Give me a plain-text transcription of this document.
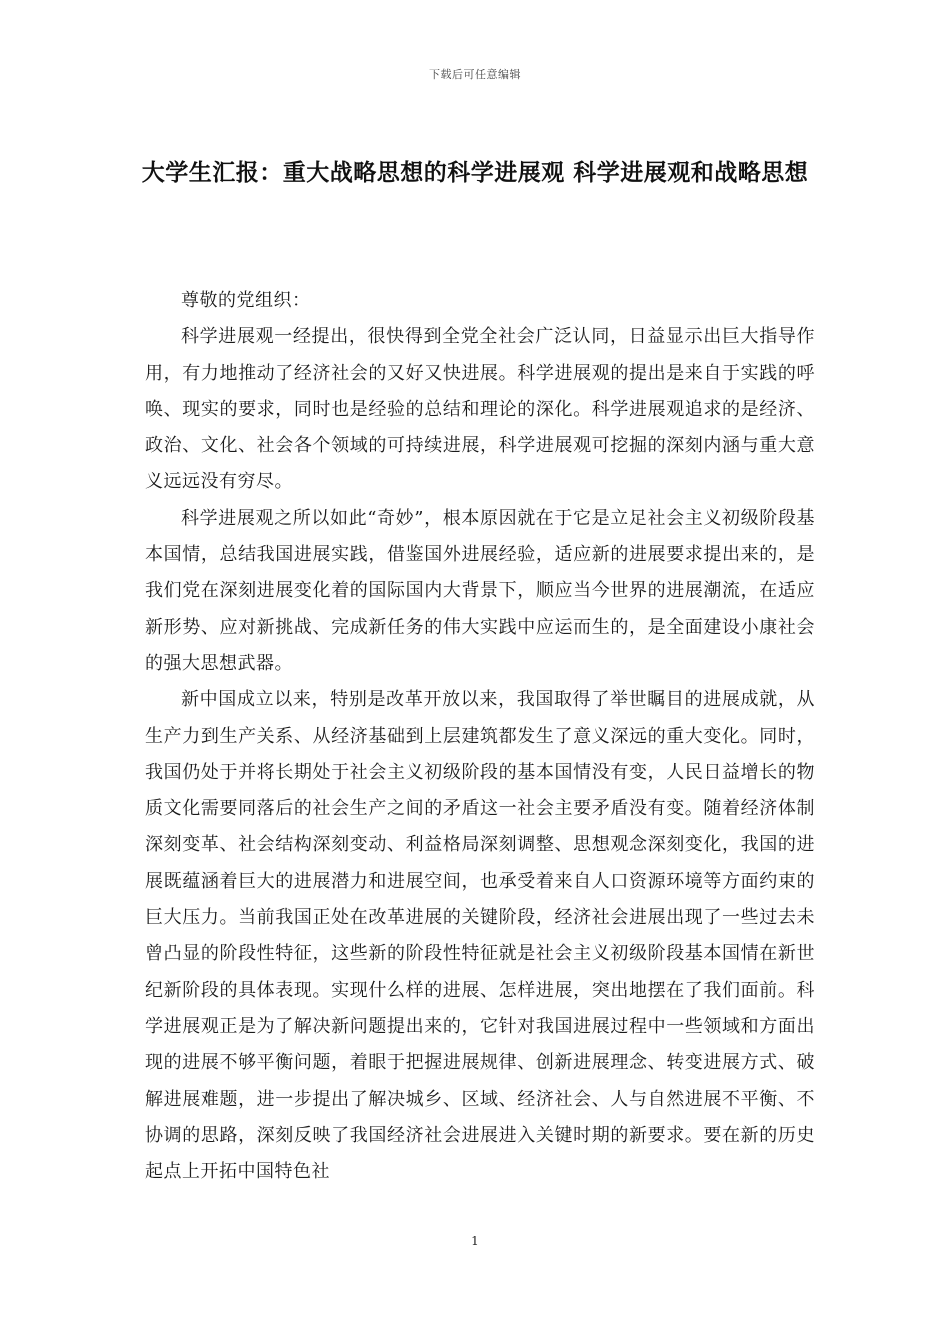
下载后可任意编辑
大学生汇报：重大战略思想的科学进展观 科学进展观和战略思想

尊敬的党组织：

科学进展观一经提出，很快得到全党全社会广泛认同，日益显示出巨大指导作用，有力地推动了经济社会的又好又快进展。科学进展观的提出是来自于实践的呼唤、现实的要求，同时也是经验的总结和理论的深化。科学进展观追求的是经济、政治、文化、社会各个领域的可持续进展，科学进展观可挖掘的深刻内涵与重大意义远远没有穷尽。

科学进展观之所以如此“奇妙”，根本原因就在于它是立足社会主义初级阶段基本国情，总结我国进展实践，借鉴国外进展经验，适应新的进展要求提出来的，是我们党在深刻进展变化着的国际国内大背景下，顺应当今世界的进展潮流，在适应新形势、应对新挑战、完成新任务的伟大实践中应运而生的，是全面建设小康社会的强大思想武器。

新中国成立以来，特别是改革开放以来，我国取得了举世瞩目的进展成就，从生产力到生产关系、从经济基础到上层建筑都发生了意义深远的重大变化。同时，我国仍处于并将长期处于社会主义初级阶段的基本国情没有变，人民日益增长的物质文化需要同落后的社会生产之间的矛盾这一社会主要矛盾没有变。随着经济体制深刻变革、社会结构深刻变动、利益格局深刻调整、思想观念深刻变化，我国的进展既蕴涵着巨大的进展潜力和进展空间，也承受着来自人口资源环境等方面约束的巨大压力。当前我国正处在改革进展的关键阶段，经济社会进展出现了一些过去未曾凸显的阶段性特征，这些新的阶段性特征就是社会主义初级阶段基本国情在新世纪新阶段的具体表现。实现什么样的进展、怎样进展，突出地摆在了我们面前。科学进展观正是为了解决新问题提出来的，它针对我国进展过程中一些领域和方面出现的进展不够平衡问题，着眼于把握进展规律、创新进展理念、转变进展方式、破解进展难题，进一步提出了解决城乡、区域、经济社会、人与自然进展不平衡、不协调的思路，深刻反映了我国经济社会进展进入关键时期的新要求。要在新的历史起点上开拓中国特色社

1
